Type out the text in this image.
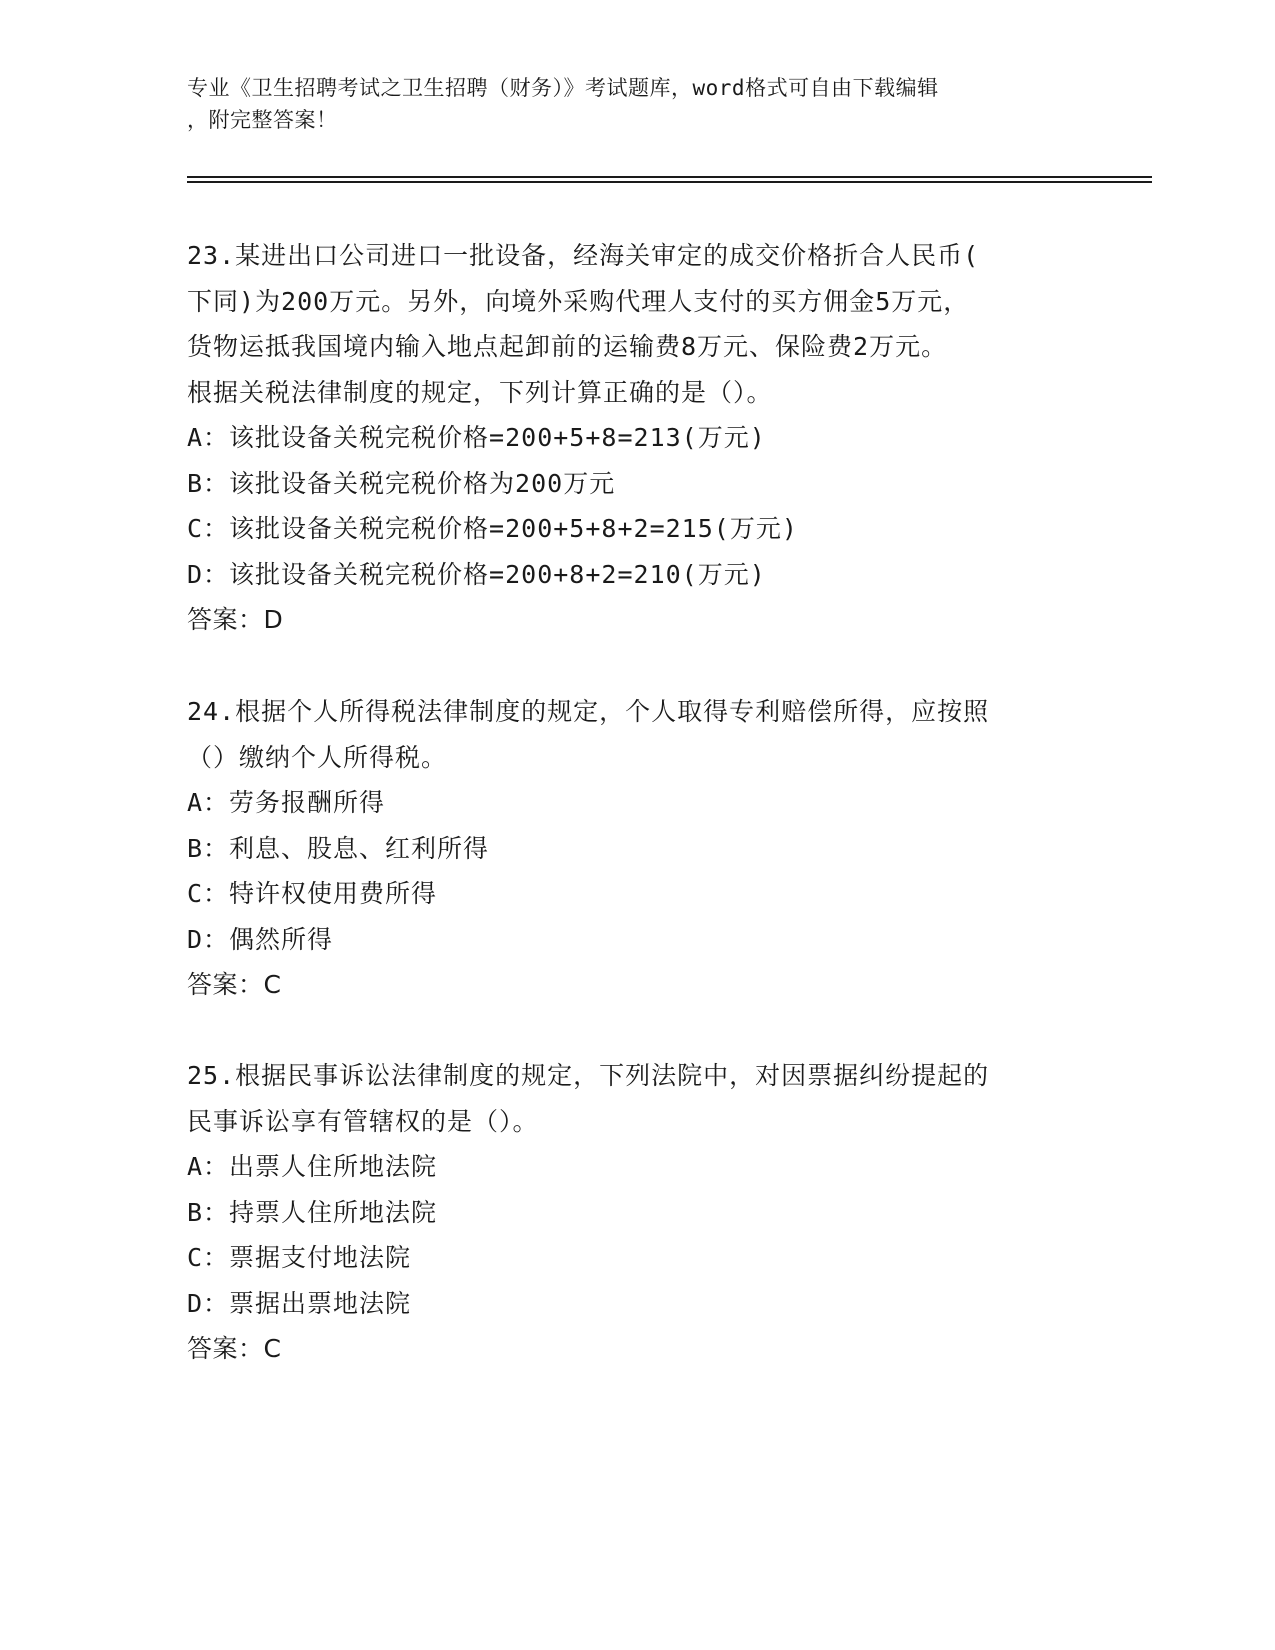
专业《卫生招聘考试之卫生招聘（财务）》考试题库，word格式可自由下载编辑
，附完整答案！
23.某进出口公司进口一批设备，经海关审定的成交价格折合人民币(
下同)为200万元。另外，向境外采购代理人支付的买方佣金5万元，
货物运抵我国境内输入地点起卸前的运输费8万元、保险费2万元。
根据关税法律制度的规定，下列计算正确的是（）。
A：该批设备关税完税价格=200+5+8=213(万元)
B：该批设备关税完税价格为200万元
C：该批设备关税完税价格=200+5+8+2=215(万元)
D：该批设备关税完税价格=200+8+2=210(万元)
答案：D
24.根据个人所得税法律制度的规定，个人取得专利赔偿所得，应按照
（）缴纳个人所得税。
A：劳务报酬所得
B：利息、股息、红利所得
C：特许权使用费所得
D：偶然所得
答案：C
25.根据民事诉讼法律制度的规定，下列法院中，对因票据纠纷提起的
民事诉讼享有管辖权的是（）。
A：出票人住所地法院
B：持票人住所地法院
C：票据支付地法院
D：票据出票地法院
答案：C
